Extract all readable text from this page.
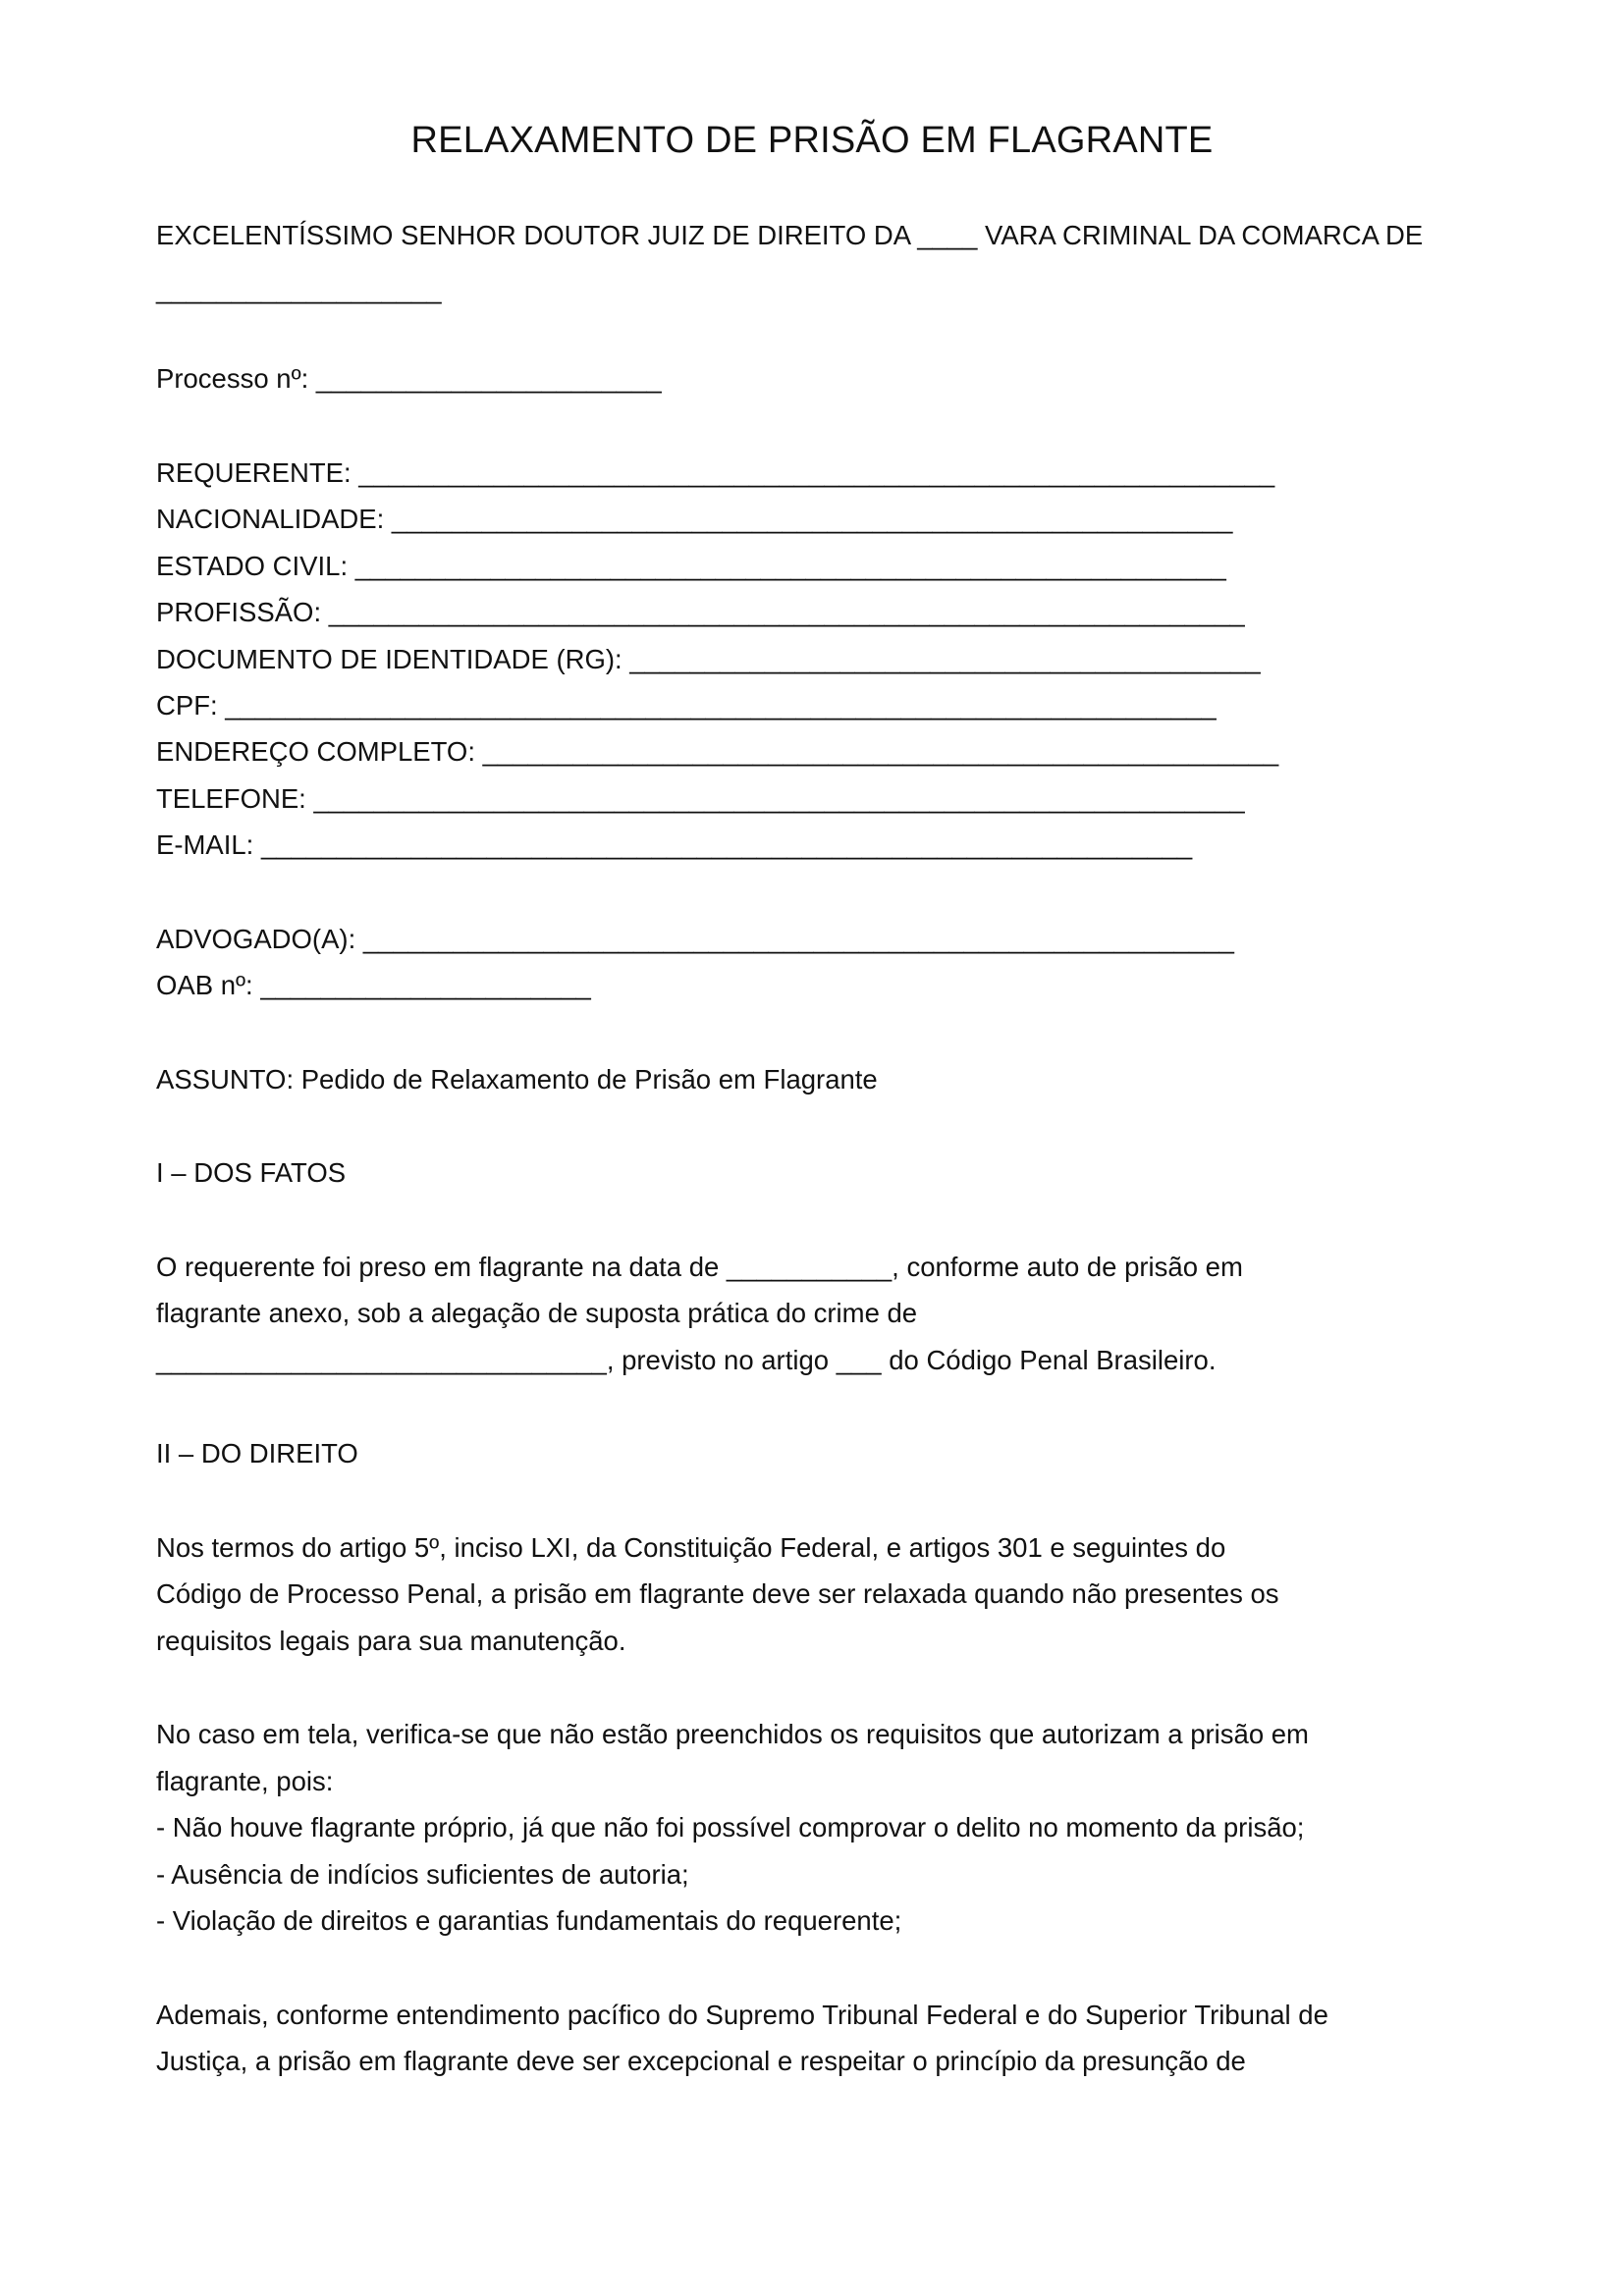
RELAXAMENTO DE PRISÃO EM FLAGRANTE
EXCELENTÍSSIMO SENHOR DOUTOR JUIZ DE DIREITO DA ____ VARA CRIMINAL DA COMARCA DE
___________________
Processo nº: _______________________
REQUERENTE: _____________________________________________________________
NACIONALIDADE: ________________________________________________________
ESTADO CIVIL: __________________________________________________________
PROFISSÃO: _____________________________________________________________
DOCUMENTO DE IDENTIDADE (RG): __________________________________________
CPF: __________________________________________________________________
ENDEREÇO COMPLETO: _____________________________________________________
TELEFONE: ______________________________________________________________
E-MAIL: ______________________________________________________________
ADVOGADO(A): __________________________________________________________
OAB nº: ______________________
ASSUNTO: Pedido de Relaxamento de Prisão em Flagrante
I – DOS FATOS
O requerente foi preso em flagrante na data de ___________, conforme auto de prisão em
flagrante anexo, sob a alegação de suposta prática do crime de
______________________________, previsto no artigo ___ do Código Penal Brasileiro.
II – DO DIREITO
Nos termos do artigo 5º, inciso LXI, da Constituição Federal, e artigos 301 e seguintes do
Código de Processo Penal, a prisão em flagrante deve ser relaxada quando não presentes os
requisitos legais para sua manutenção.
No caso em tela, verifica-se que não estão preenchidos os requisitos que autorizam a prisão em
flagrante, pois:
- Não houve flagrante próprio, já que não foi possível comprovar o delito no momento da prisão;
- Ausência de indícios suficientes de autoria;
- Violação de direitos e garantias fundamentais do requerente;
Ademais, conforme entendimento pacífico do Supremo Tribunal Federal e do Superior Tribunal de
Justiça, a prisão em flagrante deve ser excepcional e respeitar o princípio da presunção de
